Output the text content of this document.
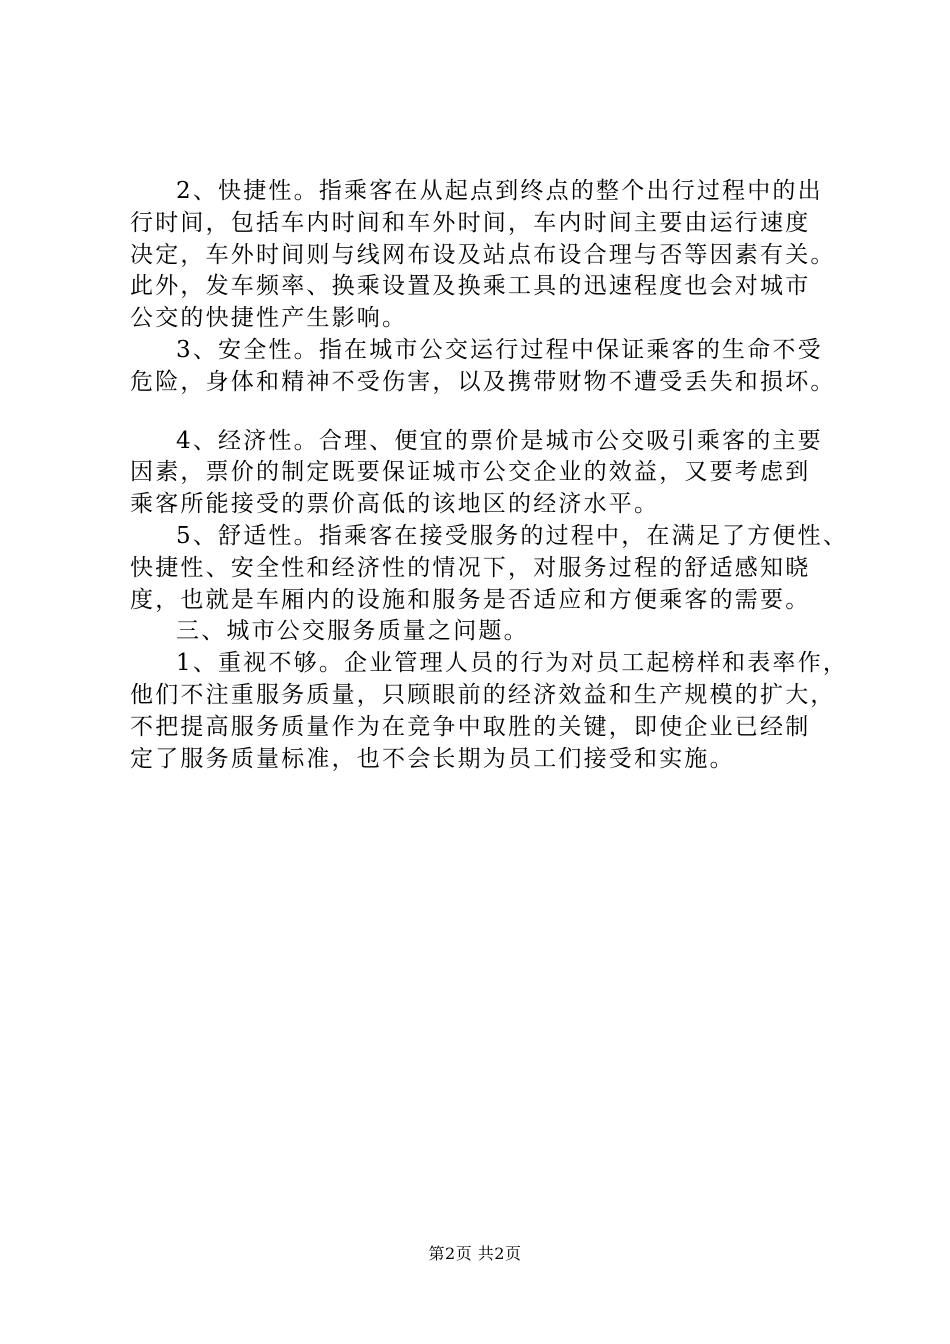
2、快捷性。指乘客在从起点到终点的整个出行过程中的出
行时间，包括车内时间和车外时间，车内时间主要由运行速度
决定，车外时间则与线网布设及站点布设合理与否等因素有关。
此外，发车频率、换乘设置及换乘工具的迅速程度也会对城市
公交的快捷性产生影响。
3、安全性。指在城市公交运行过程中保证乘客的生命不受
危险，身体和精神不受伤害，以及携带财物不遭受丢失和损坏。
4、经济性。合理、便宜的票价是城市公交吸引乘客的主要
因素，票价的制定既要保证城市公交企业的效益，又要考虑到
乘客所能接受的票价高低的该地区的经济水平。
5、舒适性。指乘客在接受服务的过程中，在满足了方便性、
快捷性、安全性和经济性的情况下，对服务过程的舒适感知晓
度，也就是车厢内的设施和服务是否适应和方便乘客的需要。
三、城市公交服务质量之问题。
1、重视不够。企业管理人员的行为对员工起榜样和表率作，
他们不注重服务质量，只顾眼前的经济效益和生产规模的扩大，
不把提高服务质量作为在竞争中取胜的关键，即使企业已经制
定了服务质量标准，也不会长期为员工们接受和实施。
第2页 共2页
